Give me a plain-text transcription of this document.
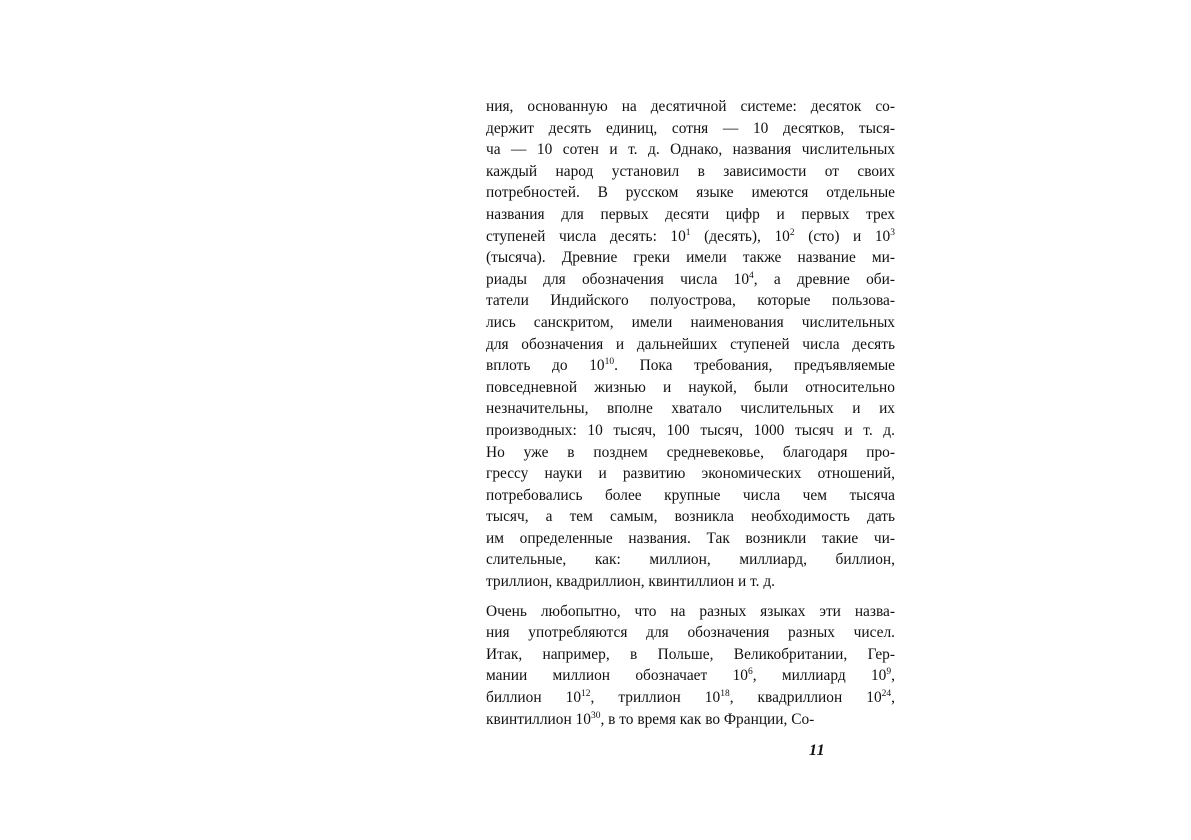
ния, основанную на десятичной системе: десяток со-
держит десять единиц, сотня — 10 десятков, тыся-
ча — 10 сотен и т. д. Однако, названия числительных
каждый народ установил в зависимости от своих
потребностей. В русском языке имеются отдельные
названия для первых десяти цифр и первых трех
ступеней числа десять: $10^1$ (десять), $10^2$ (сто) и $10^3$
(тысяча). Древние греки имели также название ми-
риады для обозначения числа $10^4$, а древние оби-
татели Индийского полуострова, которые пользова-
лись санскритом, имели наименования числительных
для обозначения и дальнейших ступеней числа десять
вплоть до $10^{10}$. Пока требования, предъявляемые
повседневной жизнью и наукой, были относительно
незначительны, вполне хватало числительных и их
производных: 10 тысяч, 100 тысяч, 1000 тысяч и т. д.
Но уже в позднем средневековье, благодаря про-
грессу науки и развитию экономических отношений,
потребовались более крупные числа чем тысяча
тысяч, а тем самым, возникла необходимость дать
им определенные названия. Так возникли такие чи-
слительные, как: миллион, миллиард, биллион,
триллион, квадриллион, квинтиллион и т. д.
Очень любопытно, что на разных языках эти назва-
ния употребляются для обозначения разных чисел.
Итак, например, в Польше, Великобритании, Гер-
мании миллион обозначает $10^6$, миллиард $10^9$,
биллион $10^{12}$, триллион $10^{18}$, квадриллион $10^{24}$,
квинтиллион $10^{30}$, в то время как во Франции, Со-
11
